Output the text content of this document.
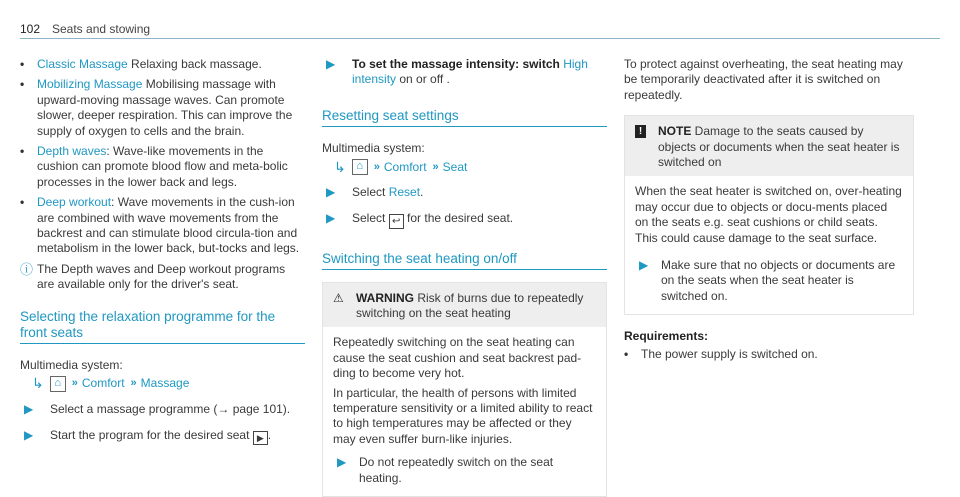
102 Seats and stowing
• Classic Massage Relaxing back massage.
• Mobilizing Massage Mobilising massage with upward-moving massage waves. Can promote slower, deeper respiration. This can improve the supply of oxygen to cells and the brain.
• Depth waves: Wave-like movements in the cushion can promote blood flow and meta-bolic processes in the lower back and legs.
• Deep workout: Wave movements in the cush-ion are combined with wave movements from the backrest and can stimulate blood circula-tion and metabolism in the lower back, but-tocks and legs.
ⓘ The Depth waves and Deep workout programs are available only for the driver's seat.
Selecting the relaxation programme for the front seats
Multimedia system:
↳ ⌂ » Comfort » Massage
▶ Select a massage programme (→ page 101).
▶ Start the program for the desired seat ▶ .
▶ To set the massage intensity: switch High intensity on or off .
Resetting seat settings
Multimedia system:
↳ ⌂ » Comfort » Seat
▶ Select Reset.
▶ Select ↩ for the desired seat.
Switching the seat heating on/off
⚠	WARNING Risk of burns due to repeatedly switching on the seat heating

Repeatedly switching on the seat heating can cause the seat cushion and seat backrest pad-ding to become very hot.

In particular, the health of persons with limited temperature sensitivity or a limited ability to react to high temperatures may be affected or they may even suffer burn-like injuries.

▶ Do not repeatedly switch on the seat heating.
To protect against overheating, the seat heating may be temporarily deactivated after it is switched on repeatedly.
!	NOTE Damage to the seats caused by objects or documents when the seat heater is switched on
When the seat heater is switched on, over-heating may occur due to objects or docu-ments placed on the seats e.g. seat cushions or child seats. This could cause damage to the seat surface.
▶ Make sure that no objects or documents are on the seats when the seat heater is switched on.
Requirements:
• The power supply is switched on.
